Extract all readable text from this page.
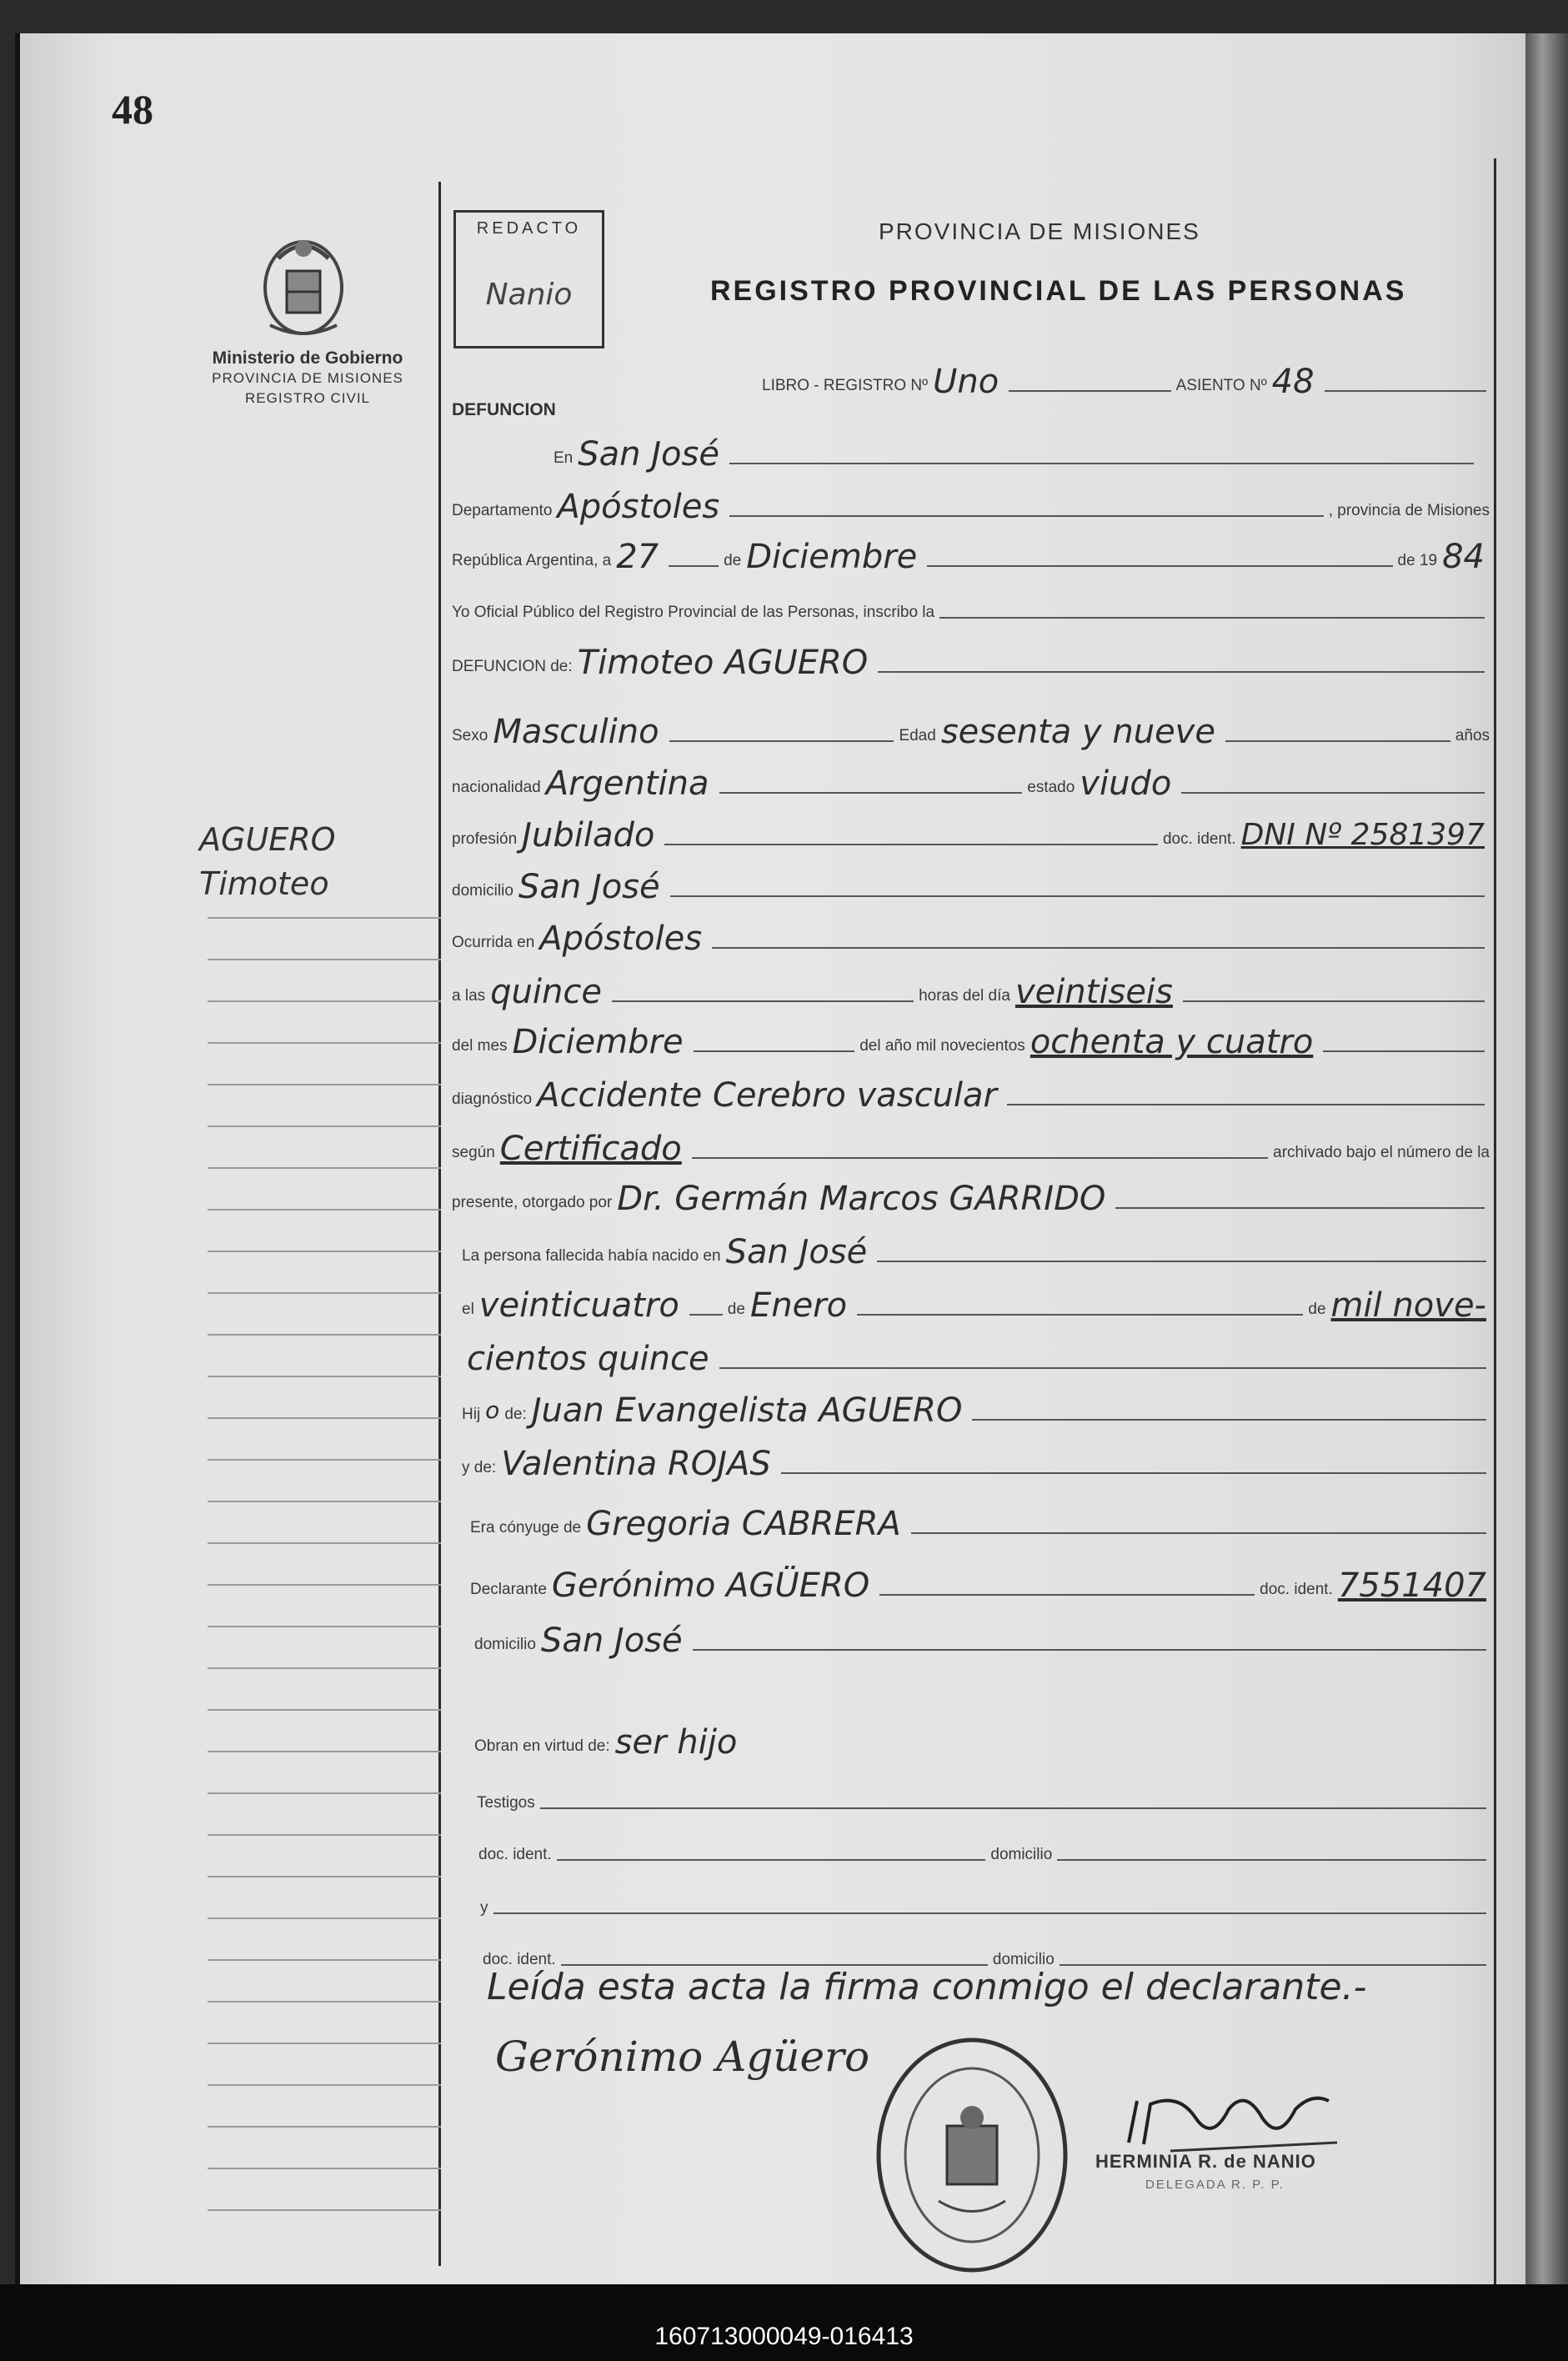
48
Ministerio de Gobierno
PROVINCIA DE MISIONES
REGISTRO CIVIL
REDACTO
Nanio
PROVINCIA DE MISIONES
REGISTRO PROVINCIAL DE LAS PERSONAS
DEFUNCION
LIBRO - REGISTRO Nº Uno	ASIENTO Nº 48
En San José
Departamento Apóstoles	, provincia de Misiones
República Argentina, a 27	de Diciembre	de 19 84
Yo Oficial Público del Registro Provincial de las Personas, inscribo la
DEFUNCION de: Timoteo AGUERO
Sexo Masculino	Edad sesenta y nueve	años
nacionalidad Argentina	estado viudo
profesión Jubilado	doc. ident. DNI Nº 2581397
domicilio San José
Ocurrida en Apóstoles
a las quince	horas del día veintiseis
del mes Diciembre	del año mil novecientos ochenta y cuatro
diagnóstico Accidente Cerebro vascular
según Certificado	archivado bajo el número de la
presente, otorgado por Dr. Germán Marcos GARRIDO
La persona fallecida había nacido en San José
el veinticuatro	de Enero	de mil nove-
cientos quince
Hij o de: Juan Evangelista AGUERO
y de: Valentina ROJAS
Era cónyuge de Gregoria CABRERA
Declarante Gerónimo AGÜERO	doc. ident. 7551407
domicilio San José
Obran en virtud de: ser hijo
Testigos
doc. ident.	domicilio
y
doc. ident.	domicilio
Leída esta acta la firma conmigo el declarante.-
Gerónimo Agüero
HERMINIA R. de NANIO
DELEGADA R. P. P.
AGUERO
Timoteo
160713000049-016413
